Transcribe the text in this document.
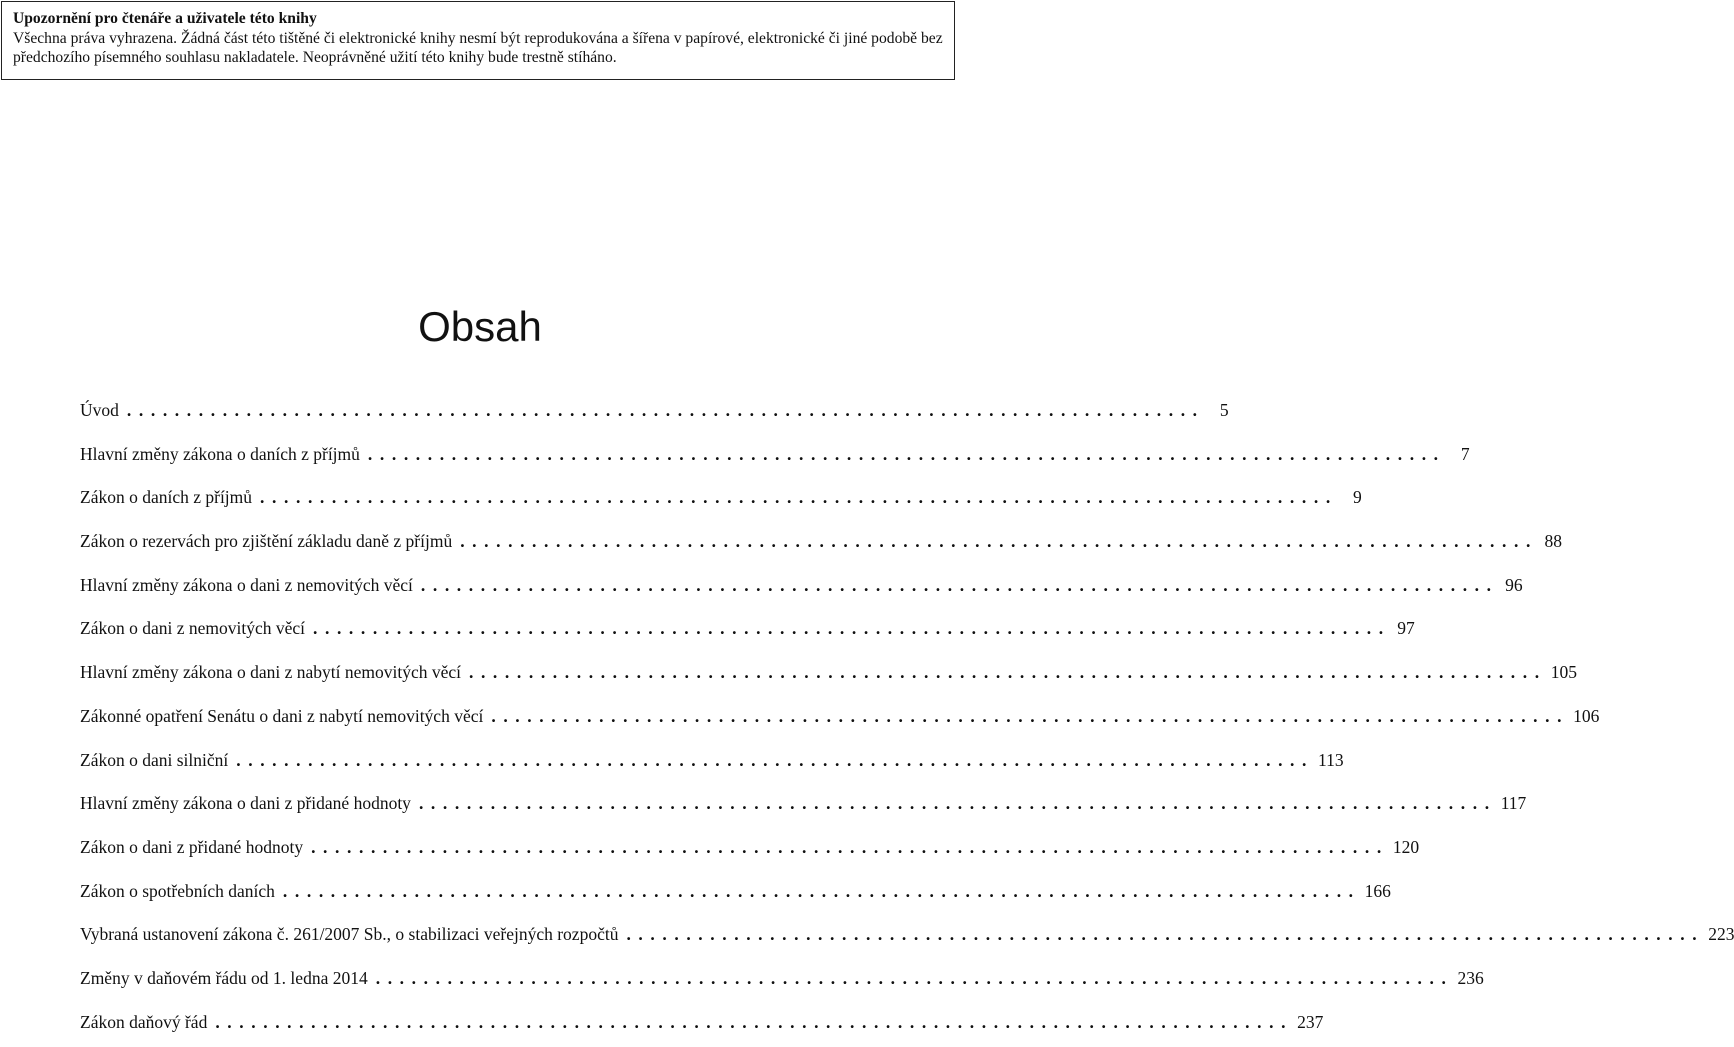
Upozornění pro čtenáře a uživatele této knihy
Všechna práva vyhrazena. Žádná část této tištěné či elektronické knihy nesmí být reprodukována a šířena v papírové, elektronické či jiné podobě bez předchozího písemného souhlasu nakladatele. Neoprávněné užití této knihy bude trestně stíháno.
Obsah
Úvod .......................................................................................... 5
Hlavní změny zákona o daních z příjmů .......................................................................................... 7
Zákon o daních z příjmů .......................................................................................... 9
Zákon o rezervách pro zjištění základu daně z příjmů .......................................................................................... 88
Hlavní změny zákona o dani z nemovitých věcí .......................................................................................... 96
Zákon o dani z nemovitých věcí .......................................................................................... 97
Hlavní změny zákona o dani z nabytí nemovitých věcí .......................................................................................... 105
Zákonné opatření Senátu o dani z nabytí nemovitých věcí .......................................................................................... 106
Zákon o dani silniční .......................................................................................... 113
Hlavní změny zákona o dani z přidané hodnoty .......................................................................................... 117
Zákon o dani z přidané hodnoty .......................................................................................... 120
Zákon o spotřebních daních .......................................................................................... 166
Vybraná ustanovení zákona č. 261/2007 Sb., o stabilizaci veřejných rozpočtů .......................................................................................... 223
Změny v daňovém řádu od 1. ledna 2014 .......................................................................................... 236
Zákon daňový řád .......................................................................................... 237
